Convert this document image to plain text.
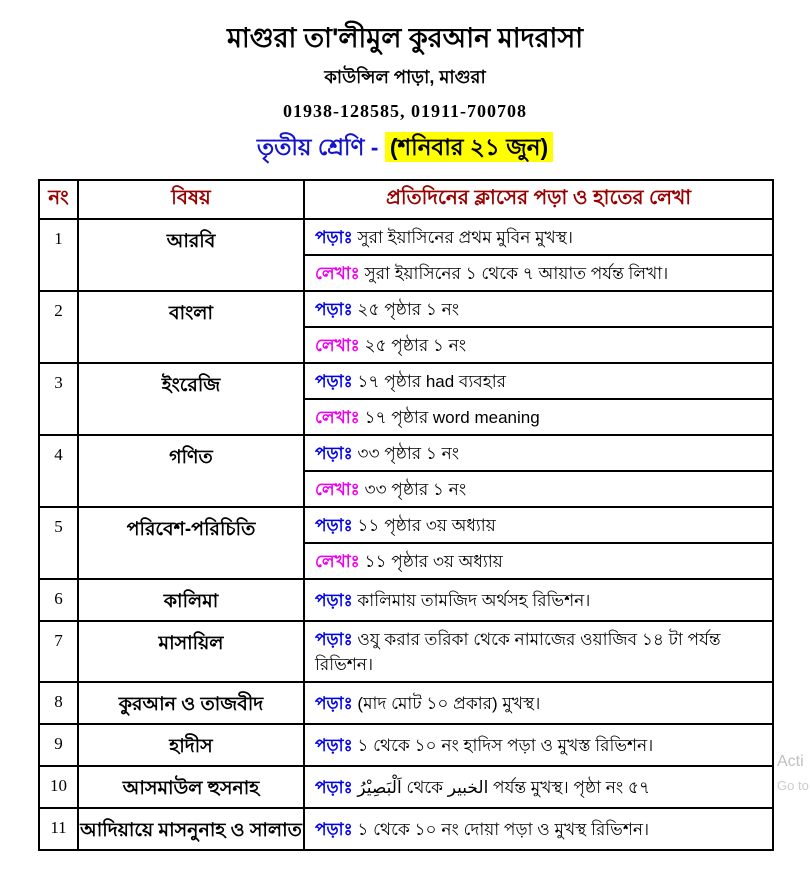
মাগুরা তা'লীমুল কুরআন মাদরাসা
কাউন্সিল পাড়া, মাগুরা
01938-128585, 01911-700708
তৃতীয় শ্রেণি - (শনিবার ২১ জুন)
নং	বিষয়	প্রতিদিনের ক্লাসের পড়া ও হাতের লেখা
1	আরবি	পড়াঃ সুরা ইয়াসিনের প্রথম মুবিন মুখস্থ।
		লেখাঃ সুরা ইয়াসিনের ১ থেকে ৭ আয়াত পর্যন্ত লিখা।
2	বাংলা	পড়াঃ ২৫ পৃষ্ঠার ১ নং
		লেখাঃ ২৫ পৃষ্ঠার ১ নং
3	ইংরেজি	পড়াঃ ১৭ পৃষ্ঠার had ব্যবহার
		লেখাঃ ১৭ পৃষ্ঠার word meaning
4	গণিত	পড়াঃ ৩৩ পৃষ্ঠার ১ নং
		লেখাঃ ৩৩ পৃষ্ঠার ১ নং
5	পরিবেশ-পরিচিতি	পড়াঃ ১১ পৃষ্ঠার ৩য় অধ্যায়
		লেখাঃ ১১ পৃষ্ঠার ৩য় অধ্যায়
6	কালিমা	পড়াঃ কালিমায় তামজিদ অর্থসহ রিভিশন।
7	মাসায়িল	পড়াঃ ওযু করার তরিকা থেকে নামাজের ওয়াজিব ১৪ টা পর্যন্ত রিভিশন।
8	কুরআন ও তাজবীদ	পড়াঃ (মাদ মোট ১০ প্রকার) মুখস্থ।
9	হাদীস	পড়াঃ ১ থেকে ১০ নং হাদিস পড়া ও মুখস্ত রিভিশন।
10	আসমাউল হুসনাহ	পড়াঃ اَلْبَصِيْرُ থেকে الخبير পর্যন্ত মুখস্থ। পৃষ্ঠা নং ৫৭
11	আদিয়ায়ে মাসনুনাহ ও সালাত	পড়াঃ ১ থেকে ১০ নং দোয়া পড়া ও মুখস্থ রিভিশন।
Acti
Go to
